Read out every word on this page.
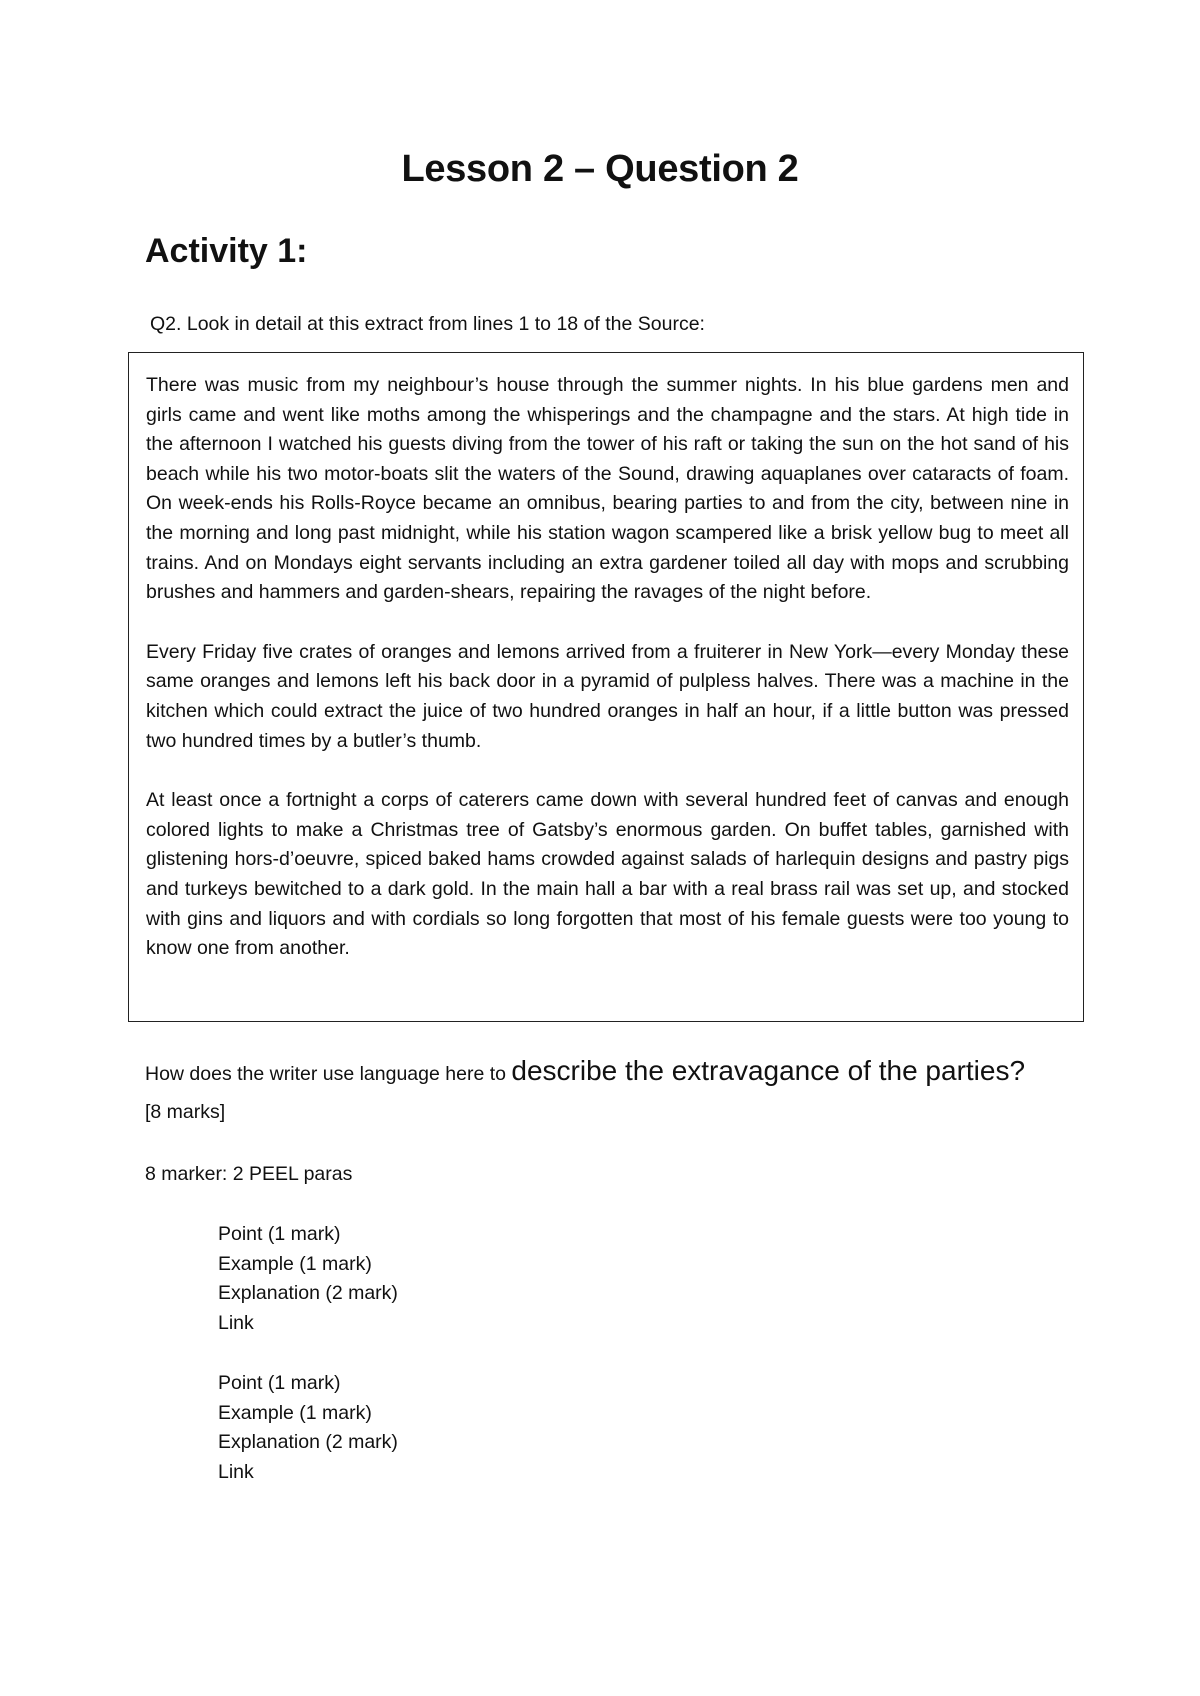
Lesson 2 – Question 2
Activity 1:

Q2. Look in detail at this extract from lines 1 to 18 of the Source:

There was music from my neighbour’s house through the summer nights. In his blue gardens men and girls came and went like moths among the whisperings and the champagne and the stars. At high tide in the afternoon I watched his guests diving from the tower of his raft or taking the sun on the hot sand of his beach while his two motor-boats slit the waters of the Sound, drawing aquaplanes over cataracts of foam. On week-ends his Rolls-Royce became an omnibus, bearing parties to and from the city, between nine in the morning and long past midnight, while his station wagon scampered like a brisk yellow bug to meet all trains. And on Mondays eight servants including an extra gardener toiled all day with mops and scrubbing brushes and hammers and garden-shears, repairing the ravages of the night before.

Every Friday five crates of oranges and lemons arrived from a fruiterer in New York—every Monday these same oranges and lemons left his back door in a pyramid of pulpless halves. There was a machine in the kitchen which could extract the juice of two hundred oranges in half an hour, if a little button was pressed two hundred times by a butler’s thumb.

At least once a fortnight a corps of caterers came down with several hundred feet of canvas and enough colored lights to make a Christmas tree of Gatsby’s enormous garden. On buffet tables, garnished with glistening hors-d’oeuvre, spiced baked hams crowded against salads of harlequin designs and pastry pigs and turkeys bewitched to a dark gold. In the main hall a bar with a real brass rail was set up, and stocked with gins and liquors and with cordials so long forgotten that most of his female guests were too young to know one from another.

How does the writer use language here to describe the extravagance of the parties? [8 marks]

8 marker: 2 PEEL paras

Point (1 mark)
Example (1 mark)
Explanation (2 mark)
Link
Point (1 mark)
Example (1 mark)
Explanation (2 mark)
Link
